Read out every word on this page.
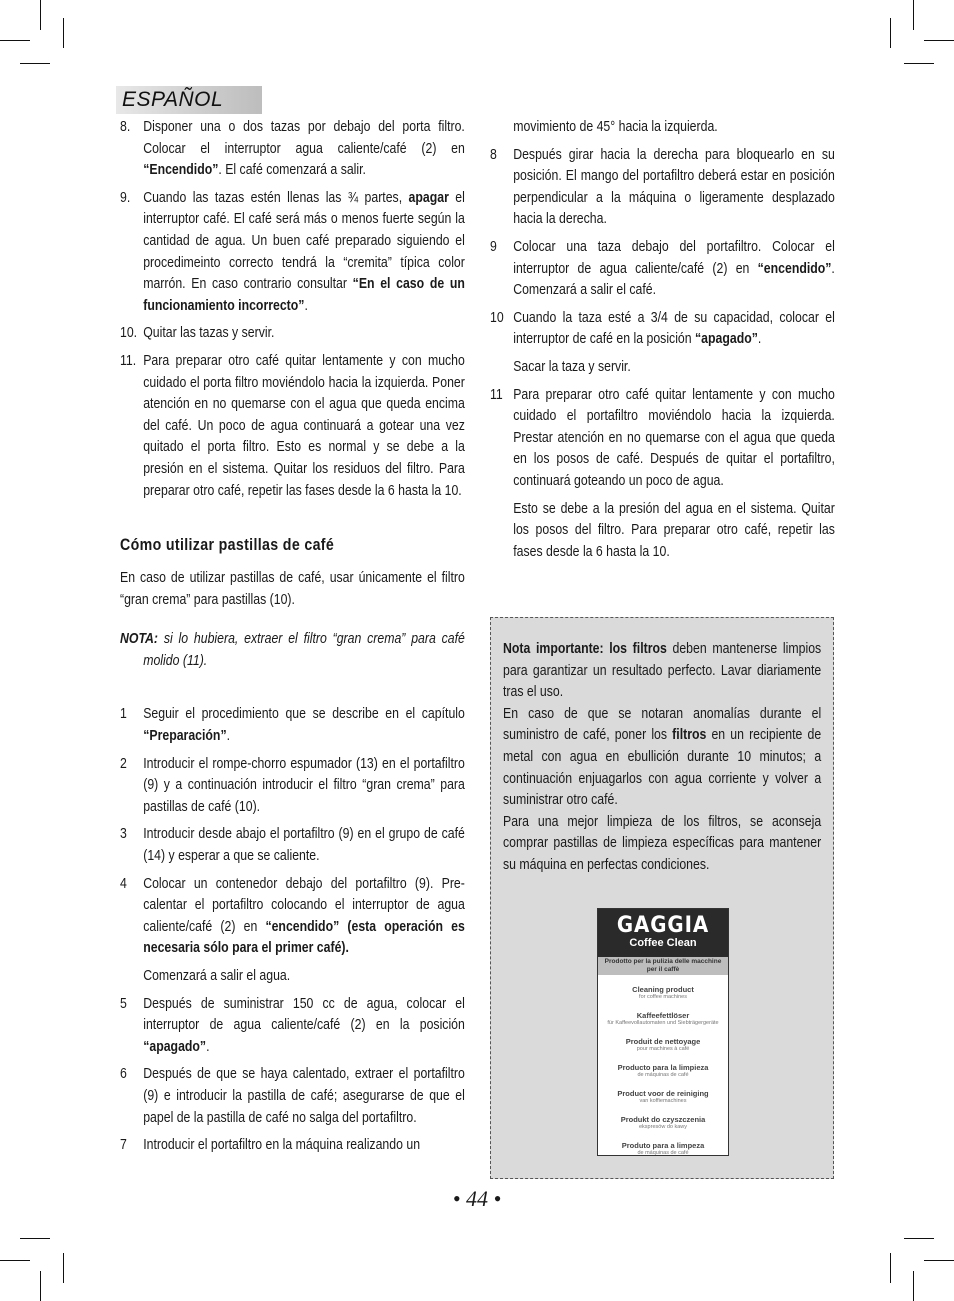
ESPAÑOL
8. Disponer una o dos tazas por debajo del porta filtro. Colocar el interruptor agua caliente/café (2) en “Encendido”. El café comenzará a salir.
9. Cuando las tazas estén llenas las ¾ partes, apagar el interruptor café. El café será más o menos fuerte según la cantidad de agua. Un buen café preparado siguiendo el procedimeinto correcto tendrá la “cremita” típica color marrón. En caso contrario consultar “En el caso de un funcionamiento incorrecto”.
10. Quitar las tazas y servir.
11. Para preparar otro café quitar lentamente y con mucho cuidado el porta filtro moviéndolo hacia la izquierda. Poner atención en no quemarse con el agua que queda encima del café. Un poco de agua continuará a gotear una vez quitado el porta filtro. Esto es normal y se debe a la presión en el sistema. Quitar los residuos del filtro. Para preparar otro café, repetir las fases desde la 6 hasta la 10.
Cómo utilizar pastillas de café

En caso de utilizar pastillas de café, usar únicamente el filtro “gran crema” para pastillas (10).

NOTA: si lo hubiera, extraer el filtro “gran crema” para café molido (11).

1 Seguir el procedimiento que se describe en el capítulo “Preparación”.
2 Introducir el rompe-chorro espumador (13) en el portafiltro (9) y a continuación introducir el filtro “gran crema” para pastillas de café (10).
3 Introducir desde abajo el portafiltro (9) en el grupo de café (14) y esperar a que se caliente.
4 Colocar un contenedor debajo del portafiltro (9). Pre-calentar el portafiltro colocando el interruptor de agua caliente/café (2) en “encendido” (esta operación es necesaria sólo para el primer café).
Comenzará a salir el agua.
5 Después de suministrar 150 cc de agua, colocar el interruptor de agua caliente/café (2) en la posición “apagado”.
6 Después de que se haya calentado, extraer el portafiltro (9) e introducir la pastilla de café; asegurarse de que el papel de la pastilla de café no salga del portafiltro.
7 Introducir el portafiltro en la máquina realizando un
movimiento de 45° hacia la izquierda.
8 Después girar hacia la derecha para bloquearlo en su posición. El mango del portafiltro deberá estar en posición perpendicular a la máquina o ligeramente desplazado hacia la derecha.
9 Colocar una taza debajo del portafiltro. Colocar el interruptor de agua caliente/café (2) en “encendido”. Comenzará a salir el café.
10 Cuando la taza esté a 3/4 de su capacidad, colocar el interruptor de café en la posición “apagado”.
Sacar la taza y servir.
11 Para preparar otro café quitar lentamente y con mucho cuidado el portafiltro moviéndolo hacia la izquierda. Prestar atención en no quemarse con el agua que queda en los posos de café. Después de quitar el portafiltro, continuará goteando un poco de agua.
Esto se debe a la presión del agua en el sistema. Quitar los posos del filtro. Para preparar otro café, repetir las fases desde la 6 hasta la 10.

Nota importante: los filtros deben mantenerse limpios para garantizar un resultado perfecto. Lavar diariamente tras el uso.

En caso de que se notaran anomalías durante el suministro de café, poner los filtros en un recipiente de metal con agua en ebullición durante 10 minutos; a continuación enjuagarlos con agua corriente y volver a suministrar otro café.

Para una mejor limpieza de los filtros, se aconseja comprar pastillas de limpieza específicas para mantener su máquina en perfectas condiciones.

GAGGIA
Coffee Clean
Prodotto per la pulizia delle macchine per il caffè
Cleaning product
for coffee machines
Kaffeefettlöser
für Kaffeevollautomaten und Siebträgergeräte
Produit de nettoyage
pour machines à café
Producto para la limpieza
de máquinas de café
Product voor de reiniging
van koffiemachines
Produkt do czyszczenia
ekspresów do kawy
Produto para a limpeza
de máquinas de café
• 44 •
